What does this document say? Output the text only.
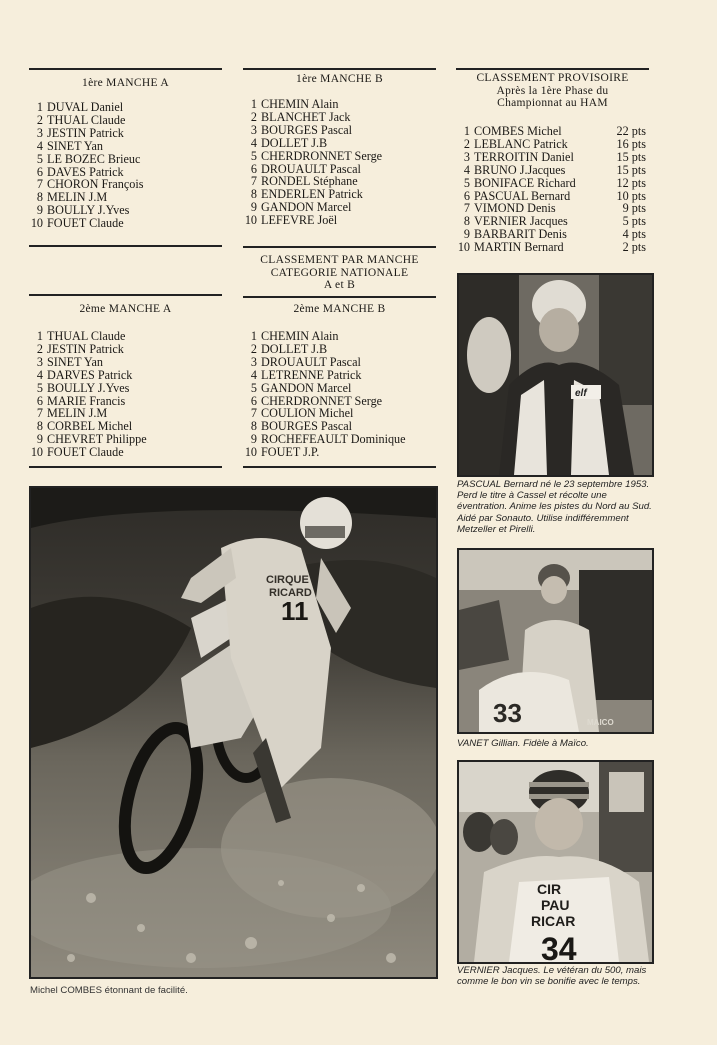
1ère MANCHE A
1 DUVAL Daniel
2 THUAL Claude
3 JESTIN Patrick
4 SINET Yan
5 LE BOZEC Brieuc
6 DAVES Patrick
7 CHORON François
8 MELIN J.M
9 BOULLY J.Yves
10 FOUET Claude
1ère MANCHE B
1 CHEMIN Alain
2 BLANCHET Jack
3 BOURGES Pascal
4 DOLLET J.B
5 CHERDRONNET Serge
6 DROUAULT Pascal
7 RONDEL Stéphane
8 ENDERLEN Patrick
9 GANDON Marcel
10 LEFEVRE Joël
CLASSEMENT PROVISOIRE
Après la 1ère Phase du
Championnat au HAM
1 COMBES Michel	22 pts
2 LEBLANC Patrick	16 pts
3 TERROITIN Daniel	15 pts
4 BRUNO J.Jacques	15 pts
5 BONIFACE Richard	12 pts
6 PASCUAL Bernard	10 pts
7 VIMOND Denis	9 pts
8 VERNIER Jacques	5 pts
9 BARBARIT Denis	4 pts
10 MARTIN Bernard	2 pts
CLASSEMENT PAR MANCHE
CATEGORIE NATIONALE
A et B
2ème MANCHE A
1 THUAL Claude
2 JESTIN Patrick
3 SINET Yan
4 DARVES Patrick
5 BOULLY J.Yves
6 MARIE Francis
7 MELIN J.M
8 CORBEL Michel
9 CHEVRET Philippe
10 FOUET Claude
2ème MANCHE B
1 CHEMIN Alain
2 DOLLET J.B
3 DROUAULT Pascal
4 LETRENNE Patrick
5 GANDON Marcel
6 CHERDRONNET Serge
7 COULION Michel
8 BOURGES Pascal
9 ROCHEFEAULT Dominique
10 FOUET J.P.
CIRQUE
RICARD
11
Michel COMBES étonnant de facilité.
elf
PASCUAL Bernard né le 23 septembre 1953. Perd le titre à Cassel et récolte une éventration. Anime les pistes du Nord au Sud. Aidé par Sonauto. Utilise indifféremment Metzeller et Pirelli.
33	MAICO
VANET Gillian. Fidèle à Maïco.
CIR
PAU
RICAR
34
VERNIER Jacques. Le vétéran du 500, mais comme le bon vin se bonifie avec le temps.
